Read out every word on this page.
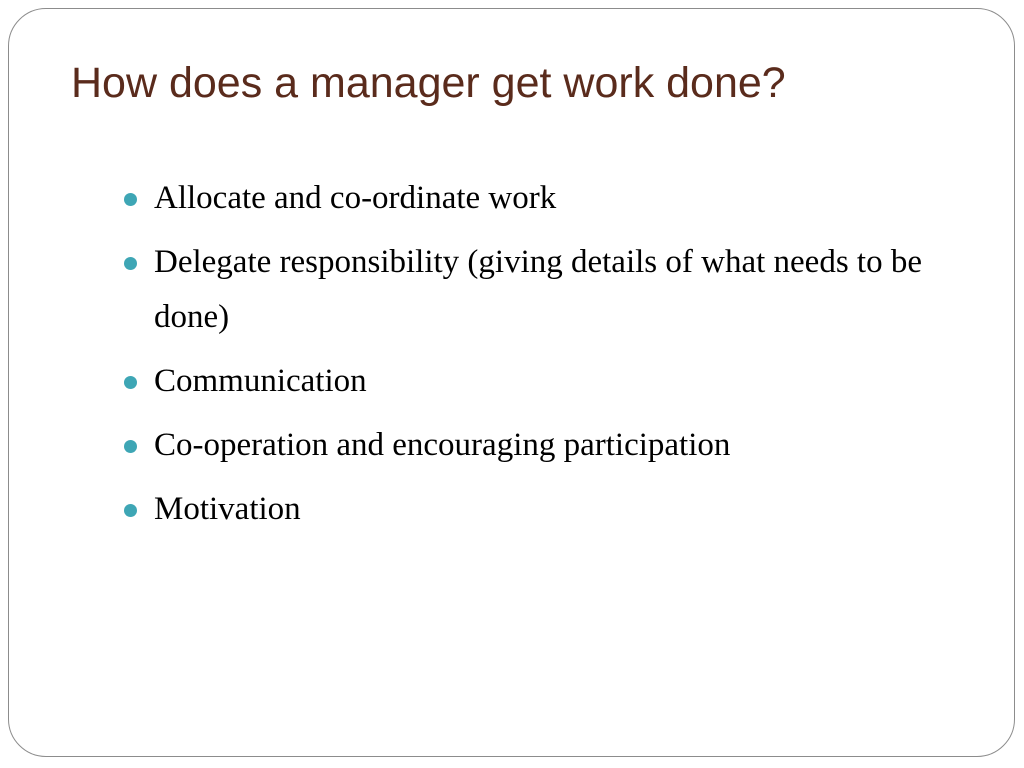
How does a manager get work done?
Allocate and co-ordinate work
Delegate responsibility (giving details of what needs to be done)
Communication
Co-operation and encouraging participation
Motivation
